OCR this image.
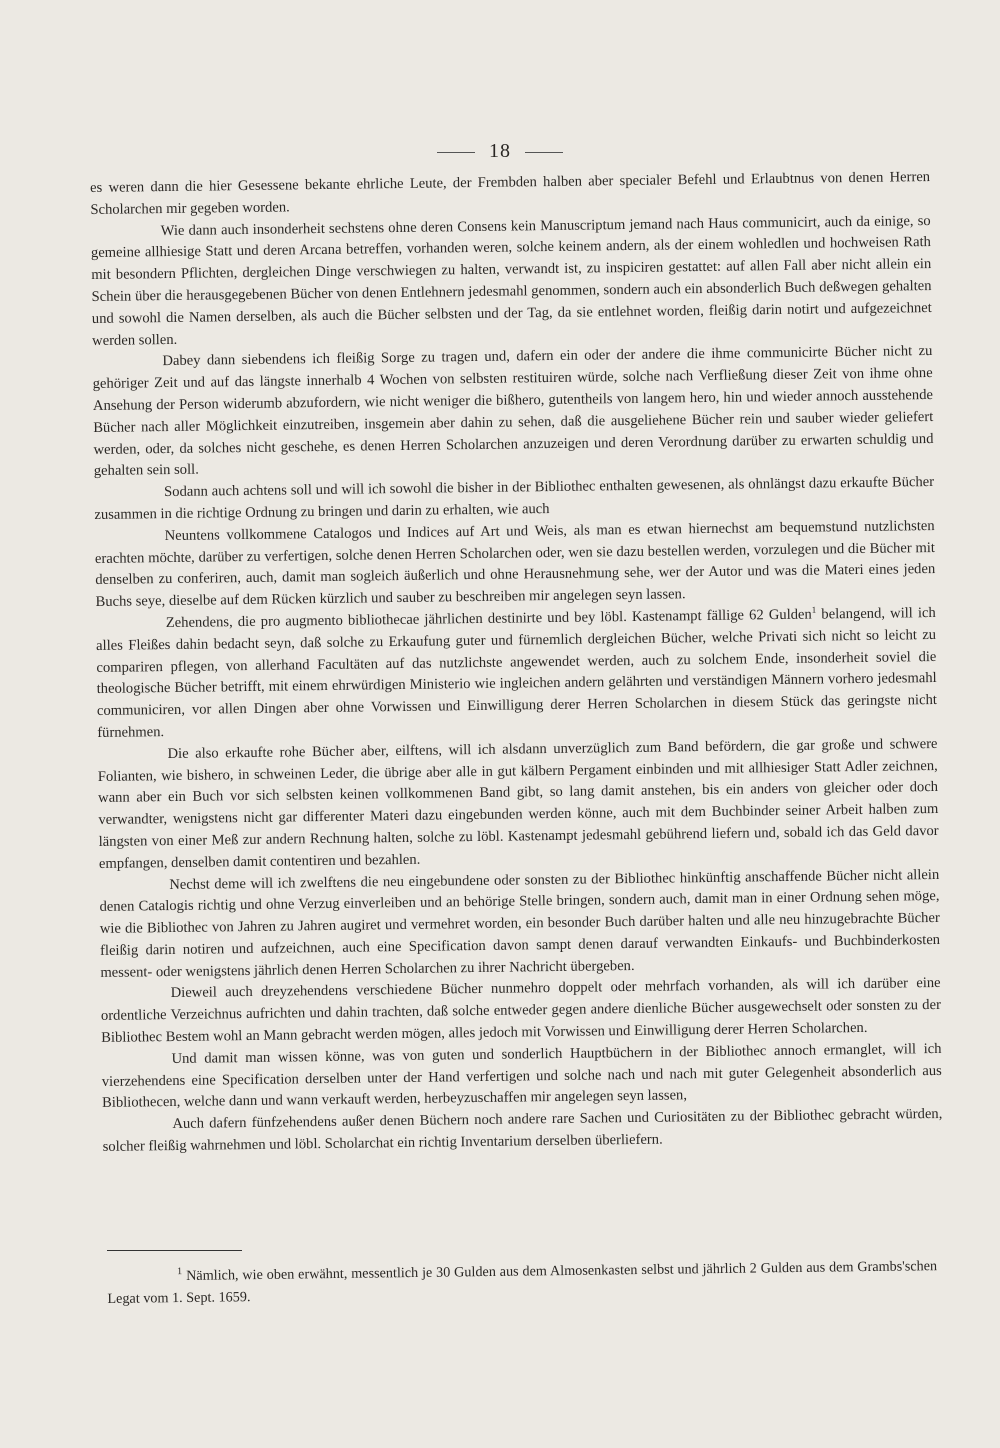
18

es weren dann die hier Gesessene bekante ehrliche Leute, der Frembden halben aber specialer Befehl und Erlaubtnus von denen Herren Scholarchen mir gegeben worden.

Wie dann auch insonderheit sechstens ohne deren Consens kein Manuscriptum jemand nach Haus communicirt, auch da einige, so gemeine allhiesige Statt und deren Arcana betreffen, vorhanden weren, solche keinem andern, als der einem wohledlen und hochweisen Rath mit besondern Pflichten, dergleichen Dinge verschwiegen zu halten, verwandt ist, zu inspiciren gestattet: auf allen Fall aber nicht allein ein Schein über die herausgegebenen Bücher von denen Entlehnern jedesmahl genommen, sondern auch ein absonderlich Buch deßwegen gehalten und sowohl die Namen derselben, als auch die Bücher selbsten und der Tag, da sie entlehnet worden, fleißig darin notirt und aufgezeichnet werden sollen.

Dabey dann siebendens ich fleißig Sorge zu tragen und, dafern ein oder der andere die ihme communicirte Bücher nicht zu gehöriger Zeit und auf das längste innerhalb 4 Wochen von selbsten restituiren würde, solche nach Verfließung dieser Zeit von ihme ohne Ansehung der Person widerumb abzufordern, wie nicht weniger die bißhero, gutentheils von langem hero, hin und wieder annoch ausstehende Bücher nach aller Möglichkeit einzutreiben, insgemein aber dahin zu sehen, daß die ausgeliehene Bücher rein und sauber wieder geliefert werden, oder, da solches nicht geschehe, es denen Herren Scholarchen anzuzeigen und deren Verordnung darüber zu erwarten schuldig und gehalten sein soll.

Sodann auch achtens soll und will ich sowohl die bisher in der Bibliothec enthalten gewesenen, als ohnlängst dazu erkaufte Bücher zusammen in die richtige Ordnung zu bringen und darin zu erhalten, wie auch

Neuntens vollkommene Catalogos und Indices auf Art und Weis, als man es etwan hiernechst am bequemstund nutzlichsten erachten möchte, darüber zu verfertigen, solche denen Herren Scholarchen oder, wen sie dazu bestellen werden, vorzulegen und die Bücher mit denselben zu conferiren, auch, damit man sogleich äußerlich und ohne Herausnehmung sehe, wer der Autor und was die Materi eines jeden Buchs seye, dieselbe auf dem Rücken kürzlich und sauber zu beschreiben mir angelegen seyn lassen.

Zehendens, die pro augmento bibliothecae jährlichen destinirte und bey löbl. Kastenampt fällige 62 Gulden$^1$ belangend, will ich alles Fleißes dahin bedacht seyn, daß solche zu Erkaufung guter und fürnemlich dergleichen Bücher, welche Privati sich nicht so leicht zu compariren pflegen, von allerhand Facultäten auf das nutzlichste angewendet werden, auch zu solchem Ende, insonderheit soviel die theologische Bücher betrifft, mit einem ehrwürdigen Ministerio wie ingleichen andern gelährten und verständigen Männern vorhero jedesmahl communiciren, vor allen Dingen aber ohne Vorwissen und Einwilligung derer Herren Scholarchen in diesem Stück das geringste nicht fürnehmen.

Die also erkaufte rohe Bücher aber, eilftens, will ich alsdann unverzüglich zum Band befördern, die gar große und schwere Folianten, wie bishero, in schweinen Leder, die übrige aber alle in gut kälbern Pergament einbinden und mit allhiesiger Statt Adler zeichnen, wann aber ein Buch vor sich selbsten keinen vollkommenen Band gibt, so lang damit anstehen, bis ein anders von gleicher oder doch verwandter, wenigstens nicht gar differenter Materi dazu eingebunden werden könne, auch mit dem Buchbinder seiner Arbeit halben zum längsten von einer Meß zur andern Rechnung halten, solche zu löbl. Kastenampt jedesmahl gebührend liefern und, sobald ich das Geld davor empfangen, denselben damit contentiren und bezahlen.

Nechst deme will ich zwelftens die neu eingebundene oder sonsten zu der Bibliothec hinkünftig anschaffende Bücher nicht allein denen Catalogis richtig und ohne Verzug einverleiben und an behörige Stelle bringen, sondern auch, damit man in einer Ordnung sehen möge, wie die Bibliothec von Jahren zu Jahren augiret und vermehret worden, ein besonder Buch darüber halten und alle neu hinzugebrachte Bücher fleißig darin notiren und aufzeichnen, auch eine Specification davon sampt denen darauf verwandten Einkaufs- und Buchbinderkosten messent- oder wenigstens jährlich denen Herren Scholarchen zu ihrer Nachricht übergeben.

Dieweil auch dreyzehendens verschiedene Bücher nunmehro doppelt oder mehrfach vorhanden, als will ich darüber eine ordentliche Verzeichnus aufrichten und dahin trachten, daß solche entweder gegen andere dienliche Bücher ausgewechselt oder sonsten zu der Bibliothec Bestem wohl an Mann gebracht werden mögen, alles jedoch mit Vorwissen und Einwilligung derer Herren Scholarchen.

Und damit man wissen könne, was von guten und sonderlich Hauptbüchern in der Bibliothec annoch ermanglet, will ich vierzehendens eine Specification derselben unter der Hand verfertigen und solche nach und nach mit guter Gelegenheit absonderlich aus Bibliothecen, welche dann und wann verkauft werden, herbeyzuschaffen mir angelegen seyn lassen,

Auch dafern fünfzehendens außer denen Büchern noch andere rare Sachen und Curiositäten zu der Bibliothec gebracht würden, solcher fleißig wahrnehmen und löbl. Scholarchat ein richtig Inventarium derselben überliefern.

$^1$ Nämlich, wie oben erwähnt, messentlich je 30 Gulden aus dem Almosenkasten selbst und jährlich 2 Gulden aus dem Grambs'schen Legat vom 1. Sept. 1659.
